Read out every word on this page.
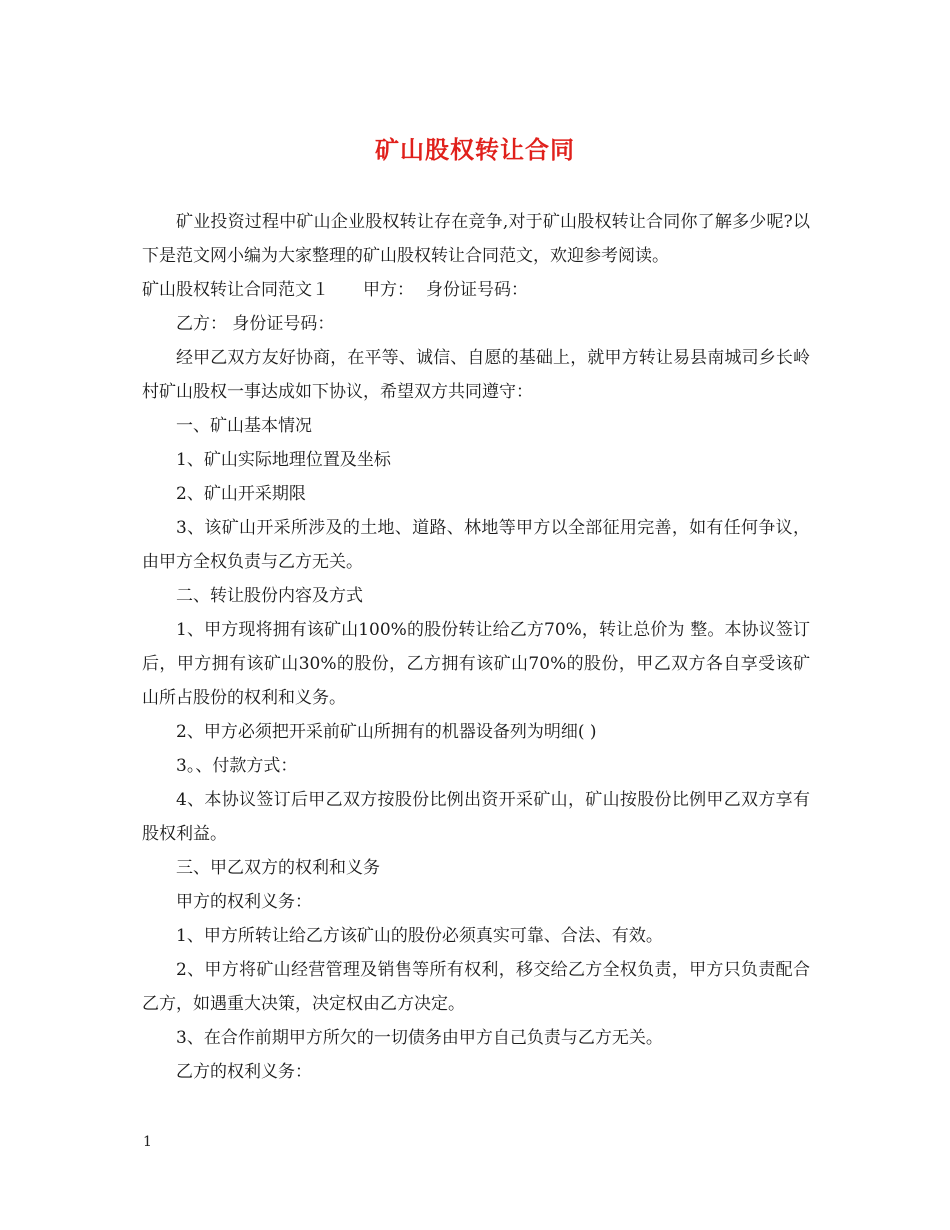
矿山股权转让合同

矿业投资过程中矿山企业股权转让存在竞争,对于矿山股权转让合同你了解多少呢?以下是范文网小编为大家整理的矿山股权转让合同范文，欢迎参考阅读。

矿山股权转让合同范文１ 甲方： 身份证号码：

乙方： 身份证号码：

经甲乙双方友好协商，在平等、诚信、自愿的基础上，就甲方转让易县南城司乡长岭村矿山股权一事达成如下协议，希望双方共同遵守：

一、矿山基本情况

1、矿山实际地理位置及坐标

2、矿山开采期限

3、该矿山开采所涉及的土地、道路、林地等甲方以全部征用完善，如有任何争议，由甲方全权负责与乙方无关。

二、转让股份内容及方式

1、甲方现将拥有该矿山100%的股份转让给乙方70%，转让总价为 整。本协议签订后，甲方拥有该矿山30%的股份，乙方拥有该矿山70%的股份，甲乙双方各自享受该矿山所占股份的权利和义务。

2、甲方必须把开采前矿山所拥有的机器设备列为明细( )

3。、付款方式：

4、本协议签订后甲乙双方按股份比例出资开采矿山，矿山按股份比例甲乙双方享有股权利益。

三、甲乙双方的权利和义务

甲方的权利义务：

1、甲方所转让给乙方该矿山的股份必须真实可靠、合法、有效。

2、甲方将矿山经营管理及销售等所有权利，移交给乙方全权负责，甲方只负责配合乙方，如遇重大决策，决定权由乙方决定。

3、在合作前期甲方所欠的一切债务由甲方自己负责与乙方无关。

乙方的权利义务：

1
